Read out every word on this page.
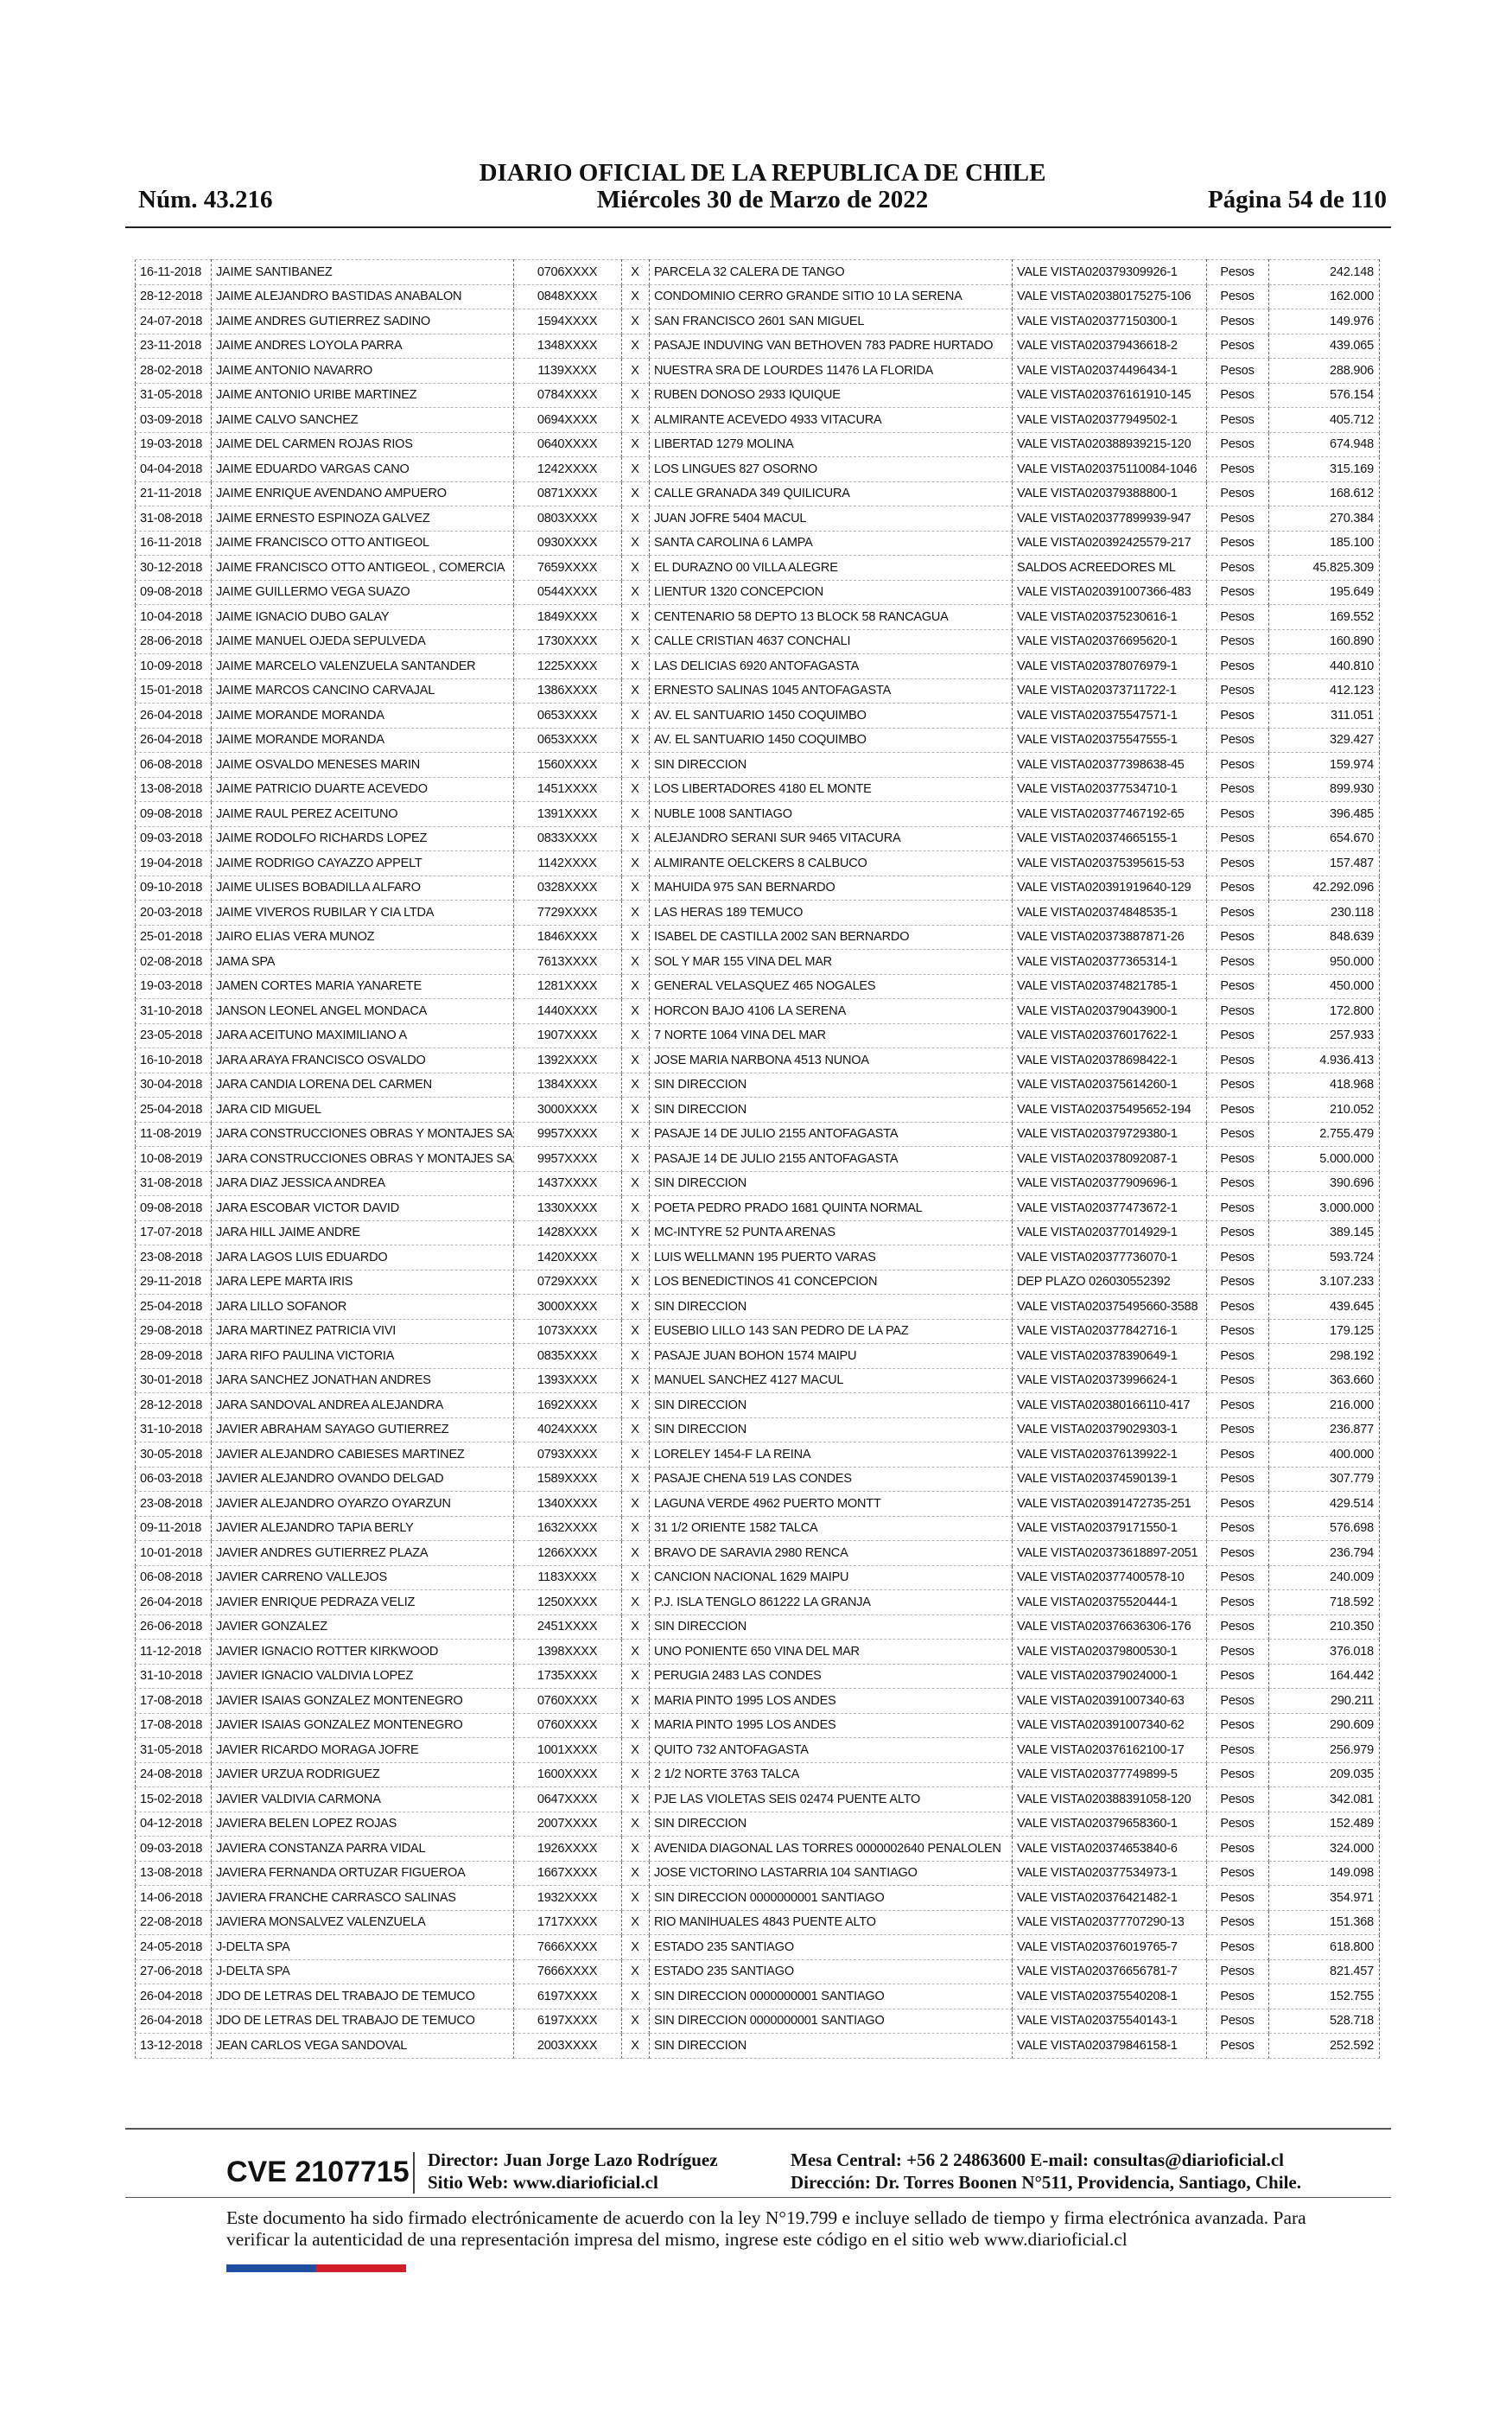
Núm. 43.216
DIARIO OFICIAL DE LA REPUBLICA DE CHILE
Miércoles 30 de Marzo de 2022	Página 54 de 110
16-11-2018	JAIME SANTIBANEZ	0706XXXX	X	PARCELA 32 CALERA DE TANGO	VALE VISTA020379309926-1	Pesos	242.148
28-12-2018	JAIME ALEJANDRO BASTIDAS ANABALON	0848XXXX	X	CONDOMINIO CERRO GRANDE SITIO 10 LA SERENA	VALE VISTA020380175275-106	Pesos	162.000
24-07-2018	JAIME ANDRES GUTIERREZ SADINO	1594XXXX	X	SAN FRANCISCO 2601 SAN MIGUEL	VALE VISTA020377150300-1	Pesos	149.976
23-11-2018	JAIME ANDRES LOYOLA PARRA	1348XXXX	X	PASAJE INDUVING VAN BETHOVEN 783 PADRE HURTADO	VALE VISTA020379436618-2	Pesos	439.065
28-02-2018	JAIME ANTONIO NAVARRO	1139XXXX	X	NUESTRA SRA DE LOURDES 11476 LA FLORIDA	VALE VISTA020374496434-1	Pesos	288.906
31-05-2018	JAIME ANTONIO URIBE MARTINEZ	0784XXXX	X	RUBEN DONOSO 2933 IQUIQUE	VALE VISTA020376161910-145	Pesos	576.154
03-09-2018	JAIME CALVO SANCHEZ	0694XXXX	X	ALMIRANTE ACEVEDO 4933 VITACURA	VALE VISTA020377949502-1	Pesos	405.712
19-03-2018	JAIME DEL CARMEN ROJAS RIOS	0640XXXX	X	LIBERTAD 1279 MOLINA	VALE VISTA020388939215-120	Pesos	674.948
04-04-2018	JAIME EDUARDO VARGAS CANO	1242XXXX	X	LOS LINGUES 827 OSORNO	VALE VISTA020375110084-1046	Pesos	315.169
21-11-2018	JAIME ENRIQUE AVENDANO AMPUERO	0871XXXX	X	CALLE GRANADA 349 QUILICURA	VALE VISTA020379388800-1	Pesos	168.612
31-08-2018	JAIME ERNESTO ESPINOZA GALVEZ	0803XXXX	X	JUAN JOFRE 5404 MACUL	VALE VISTA020377899939-947	Pesos	270.384
16-11-2018	JAIME FRANCISCO OTTO ANTIGEOL	0930XXXX	X	SANTA CAROLINA 6 LAMPA	VALE VISTA020392425579-217	Pesos	185.100
30-12-2018	JAIME FRANCISCO OTTO ANTIGEOL , COMERCIA	7659XXXX	X	EL DURAZNO 00 VILLA ALEGRE	SALDOS ACREEDORES ML	Pesos	45.825.309
09-08-2018	JAIME GUILLERMO VEGA SUAZO	0544XXXX	X	LIENTUR 1320 CONCEPCION	VALE VISTA020391007366-483	Pesos	195.649
10-04-2018	JAIME IGNACIO DUBO GALAY	1849XXXX	X	CENTENARIO 58 DEPTO 13 BLOCK 58 RANCAGUA	VALE VISTA020375230616-1	Pesos	169.552
28-06-2018	JAIME MANUEL OJEDA SEPULVEDA	1730XXXX	X	CALLE CRISTIAN 4637 CONCHALI	VALE VISTA020376695620-1	Pesos	160.890
10-09-2018	JAIME MARCELO VALENZUELA SANTANDER	1225XXXX	X	LAS DELICIAS 6920 ANTOFAGASTA	VALE VISTA020378076979-1	Pesos	440.810
15-01-2018	JAIME MARCOS CANCINO CARVAJAL	1386XXXX	X	ERNESTO SALINAS 1045 ANTOFAGASTA	VALE VISTA020373711722-1	Pesos	412.123
26-04-2018	JAIME MORANDE MORANDA	0653XXXX	X	AV. EL SANTUARIO 1450 COQUIMBO	VALE VISTA020375547571-1	Pesos	311.051
26-04-2018	JAIME MORANDE MORANDA	0653XXXX	X	AV. EL SANTUARIO 1450 COQUIMBO	VALE VISTA020375547555-1	Pesos	329.427
06-08-2018	JAIME OSVALDO MENESES MARIN	1560XXXX	X	SIN DIRECCION	VALE VISTA020377398638-45	Pesos	159.974
13-08-2018	JAIME PATRICIO DUARTE ACEVEDO	1451XXXX	X	LOS LIBERTADORES 4180 EL MONTE	VALE VISTA020377534710-1	Pesos	899.930
09-08-2018	JAIME RAUL PEREZ ACEITUNO	1391XXXX	X	NUBLE 1008 SANTIAGO	VALE VISTA020377467192-65	Pesos	396.485
09-03-2018	JAIME RODOLFO RICHARDS LOPEZ	0833XXXX	X	ALEJANDRO SERANI SUR 9465 VITACURA	VALE VISTA020374665155-1	Pesos	654.670
19-04-2018	JAIME RODRIGO CAYAZZO APPELT	1142XXXX	X	ALMIRANTE OELCKERS 8 CALBUCO	VALE VISTA020375395615-53	Pesos	157.487
09-10-2018	JAIME ULISES BOBADILLA ALFARO	0328XXXX	X	MAHUIDA 975 SAN BERNARDO	VALE VISTA020391919640-129	Pesos	42.292.096
20-03-2018	JAIME VIVEROS RUBILAR Y CIA LTDA	7729XXXX	X	LAS HERAS 189 TEMUCO	VALE VISTA020374848535-1	Pesos	230.118
25-01-2018	JAIRO ELIAS VERA MUNOZ	1846XXXX	X	ISABEL DE CASTILLA 2002 SAN BERNARDO	VALE VISTA020373887871-26	Pesos	848.639
02-08-2018	JAMA SPA	7613XXXX	X	SOL Y MAR 155 VINA DEL MAR	VALE VISTA020377365314-1	Pesos	950.000
19-03-2018	JAMEN CORTES MARIA YANARETE	1281XXXX	X	GENERAL VELASQUEZ 465 NOGALES	VALE VISTA020374821785-1	Pesos	450.000
31-10-2018	JANSON LEONEL ANGEL MONDACA	1440XXXX	X	HORCON BAJO 4106 LA SERENA	VALE VISTA020379043900-1	Pesos	172.800
23-05-2018	JARA ACEITUNO MAXIMILIANO A	1907XXXX	X	7 NORTE 1064 VINA DEL MAR	VALE VISTA020376017622-1	Pesos	257.933
16-10-2018	JARA ARAYA FRANCISCO OSVALDO	1392XXXX	X	JOSE MARIA NARBONA 4513 NUNOA	VALE VISTA020378698422-1	Pesos	4.936.413
30-04-2018	JARA CANDIA LORENA DEL CARMEN	1384XXXX	X	SIN DIRECCION	VALE VISTA020375614260-1	Pesos	418.968
25-04-2018	JARA CID MIGUEL	3000XXXX	X	SIN DIRECCION	VALE VISTA020375495652-194	Pesos	210.052
11-08-2019	JARA CONSTRUCCIONES OBRAS Y MONTAJES SA	9957XXXX	X	PASAJE 14 DE JULIO 2155 ANTOFAGASTA	VALE VISTA020379729380-1	Pesos	2.755.479
10-08-2019	JARA CONSTRUCCIONES OBRAS Y MONTAJES SA	9957XXXX	X	PASAJE 14 DE JULIO 2155 ANTOFAGASTA	VALE VISTA020378092087-1	Pesos	5.000.000
31-08-2018	JARA DIAZ JESSICA ANDREA	1437XXXX	X	SIN DIRECCION	VALE VISTA020377909696-1	Pesos	390.696
09-08-2018	JARA ESCOBAR VICTOR DAVID	1330XXXX	X	POETA PEDRO PRADO 1681 QUINTA NORMAL	VALE VISTA020377473672-1	Pesos	3.000.000
17-07-2018	JARA HILL JAIME ANDRE	1428XXXX	X	MC-INTYRE 52 PUNTA ARENAS	VALE VISTA020377014929-1	Pesos	389.145
23-08-2018	JARA LAGOS LUIS EDUARDO	1420XXXX	X	LUIS WELLMANN 195 PUERTO VARAS	VALE VISTA020377736070-1	Pesos	593.724
29-11-2018	JARA LEPE MARTA IRIS	0729XXXX	X	LOS BENEDICTINOS 41 CONCEPCION	DEP PLAZO 026030552392	Pesos	3.107.233
25-04-2018	JARA LILLO SOFANOR	3000XXXX	X	SIN DIRECCION	VALE VISTA020375495660-3588	Pesos	439.645
29-08-2018	JARA MARTINEZ PATRICIA VIVI	1073XXXX	X	EUSEBIO LILLO 143 SAN PEDRO DE LA PAZ	VALE VISTA020377842716-1	Pesos	179.125
28-09-2018	JARA RIFO PAULINA VICTORIA	0835XXXX	X	PASAJE JUAN BOHON 1574 MAIPU	VALE VISTA020378390649-1	Pesos	298.192
30-01-2018	JARA SANCHEZ JONATHAN ANDRES	1393XXXX	X	MANUEL SANCHEZ 4127 MACUL	VALE VISTA020373996624-1	Pesos	363.660
28-12-2018	JARA SANDOVAL ANDREA ALEJANDRA	1692XXXX	X	SIN DIRECCION	VALE VISTA020380166110-417	Pesos	216.000
31-10-2018	JAVIER ABRAHAM SAYAGO GUTIERREZ	4024XXXX	X	SIN DIRECCION	VALE VISTA020379029303-1	Pesos	236.877
30-05-2018	JAVIER ALEJANDRO CABIESES MARTINEZ	0793XXXX	X	LORELEY 1454-F LA REINA	VALE VISTA020376139922-1	Pesos	400.000
06-03-2018	JAVIER ALEJANDRO OVANDO DELGAD	1589XXXX	X	PASAJE CHENA 519 LAS CONDES	VALE VISTA020374590139-1	Pesos	307.779
23-08-2018	JAVIER ALEJANDRO OYARZO OYARZUN	1340XXXX	X	LAGUNA VERDE 4962 PUERTO MONTT	VALE VISTA020391472735-251	Pesos	429.514
09-11-2018	JAVIER ALEJANDRO TAPIA BERLY	1632XXXX	X	31 1/2 ORIENTE 1582 TALCA	VALE VISTA020379171550-1	Pesos	576.698
10-01-2018	JAVIER ANDRES GUTIERREZ PLAZA	1266XXXX	X	BRAVO DE SARAVIA 2980 RENCA	VALE VISTA020373618897-2051	Pesos	236.794
06-08-2018	JAVIER CARRENO VALLEJOS	1183XXXX	X	CANCION NACIONAL 1629 MAIPU	VALE VISTA020377400578-10	Pesos	240.009
26-04-2018	JAVIER ENRIQUE PEDRAZA VELIZ	1250XXXX	X	P.J. ISLA TENGLO 861222 LA GRANJA	VALE VISTA020375520444-1	Pesos	718.592
26-06-2018	JAVIER GONZALEZ	2451XXXX	X	SIN DIRECCION	VALE VISTA020376636306-176	Pesos	210.350
11-12-2018	JAVIER IGNACIO ROTTER KIRKWOOD	1398XXXX	X	UNO PONIENTE 650 VINA DEL MAR	VALE VISTA020379800530-1	Pesos	376.018
31-10-2018	JAVIER IGNACIO VALDIVIA LOPEZ	1735XXXX	X	PERUGIA 2483 LAS CONDES	VALE VISTA020379024000-1	Pesos	164.442
17-08-2018	JAVIER ISAIAS GONZALEZ MONTENEGRO	0760XXXX	X	MARIA PINTO 1995 LOS ANDES	VALE VISTA020391007340-63	Pesos	290.211
17-08-2018	JAVIER ISAIAS GONZALEZ MONTENEGRO	0760XXXX	X	MARIA PINTO 1995 LOS ANDES	VALE VISTA020391007340-62	Pesos	290.609
31-05-2018	JAVIER RICARDO MORAGA JOFRE	1001XXXX	X	QUITO 732 ANTOFAGASTA	VALE VISTA020376162100-17	Pesos	256.979
24-08-2018	JAVIER URZUA RODRIGUEZ	1600XXXX	X	2 1/2 NORTE 3763 TALCA	VALE VISTA020377749899-5	Pesos	209.035
15-02-2018	JAVIER VALDIVIA CARMONA	0647XXXX	X	PJE LAS VIOLETAS SEIS 02474 PUENTE ALTO	VALE VISTA020388391058-120	Pesos	342.081
04-12-2018	JAVIERA BELEN LOPEZ ROJAS	2007XXXX	X	SIN DIRECCION	VALE VISTA020379658360-1	Pesos	152.489
09-03-2018	JAVIERA CONSTANZA PARRA VIDAL	1926XXXX	X	AVENIDA DIAGONAL LAS TORRES 0000002640 PENALOLEN	VALE VISTA020374653840-6	Pesos	324.000
13-08-2018	JAVIERA FERNANDA ORTUZAR FIGUEROA	1667XXXX	X	JOSE VICTORINO LASTARRIA 104 SANTIAGO	VALE VISTA020377534973-1	Pesos	149.098
14-06-2018	JAVIERA FRANCHE CARRASCO SALINAS	1932XXXX	X	SIN DIRECCION 0000000001 SANTIAGO	VALE VISTA020376421482-1	Pesos	354.971
22-08-2018	JAVIERA MONSALVEZ VALENZUELA	1717XXXX	X	RIO MANIHUALES 4843 PUENTE ALTO	VALE VISTA020377707290-13	Pesos	151.368
24-05-2018	J-DELTA SPA	7666XXXX	X	ESTADO 235 SANTIAGO	VALE VISTA020376019765-7	Pesos	618.800
27-06-2018	J-DELTA SPA	7666XXXX	X	ESTADO 235 SANTIAGO	VALE VISTA020376656781-7	Pesos	821.457
26-04-2018	JDO DE LETRAS DEL TRABAJO DE TEMUCO	6197XXXX	X	SIN DIRECCION 0000000001 SANTIAGO	VALE VISTA020375540208-1	Pesos	152.755
26-04-2018	JDO DE LETRAS DEL TRABAJO DE TEMUCO	6197XXXX	X	SIN DIRECCION 0000000001 SANTIAGO	VALE VISTA020375540143-1	Pesos	528.718
13-12-2018	JEAN CARLOS VEGA SANDOVAL	2003XXXX	X	SIN DIRECCION	VALE VISTA020379846158-1	Pesos	252.592
CVE 2107715 Director: Juan Jorge Lazo Rodríguez
Sitio Web: www.diarioficial.cl
Mesa Central: +56 2 24863600 E-mail: consultas@diarioficial.cl
Dirección: Dr. Torres Boonen N°511, Providencia, Santiago, Chile.
Este documento ha sido firmado electrónicamente de acuerdo con la ley N°19.799 e incluye sellado de tiempo y firma electrónica avanzada. Para verificar la autenticidad de una representación impresa del mismo, ingrese este código en el sitio web www.diarioficial.cl
